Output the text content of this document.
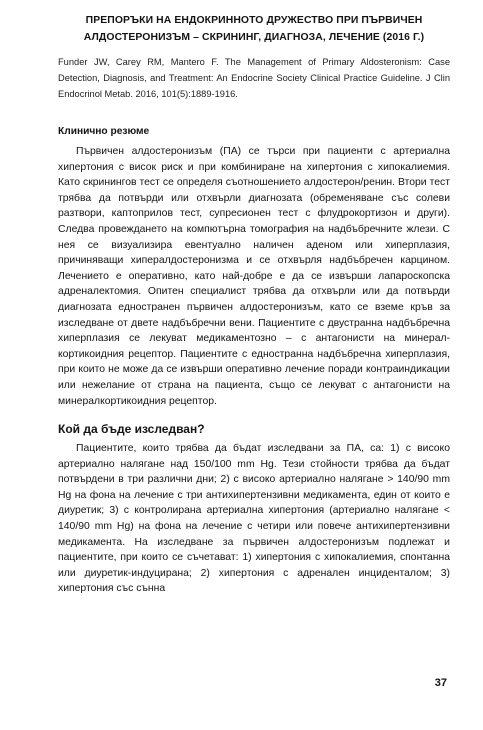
ПРЕПОРЪКИ НА ЕНДОКРИННОТО ДРУЖЕСТВО ПРИ ПЪРВИЧЕН АЛДОСТЕРОНИЗЪМ – СКРИНИНГ, ДИАГНОЗА, ЛЕЧЕНИЕ (2016 Г.)

Funder JW, Carey RM, Mantero F. The Management of Primary Aldosteronism: Case Detection, Diagnosis, and Treatment: An Endocrine Society Clinical Practice Guideline. J Clin Endocrinol Metab. 2016, 101(5):1889-1916.

Клинично резюме

Първичен алдостеронизъм (ПА) се търси при пациенти с артериална хипертония с висок риск и при комбиниране на хипертония с хипокалиемия. Като скринингов тест се определя съотношението алдостерон/ренин. Втори тест трябва да потвърди или отхвърли диагнозата (обременяване със солеви разтвори, каптоприлов тест, супресионен тест с флудрокортизон и други). Следва провеждането на компютърна томография на надбъбречните жлези. С нея се визуализира евентуално наличен аденом или хиперплазия, причиняващи хипералдостеронизма и се отхвърля надбъбречен карцином. Лечението е оперативно, като най-добре е да се извърши лапароскопска адреналектомия. Опитен специалист трябва да отхвърли или да потвърди диагнозата едностранен първичен алдостеронизъм, като се вземе кръв за изследване от двете надбъбречни вени. Пациентите с двустранна надбъбречна хиперплазия се лекуват медикаментозно – с антагонисти на минерал-кортикоидния рецептор. Пациентите с едностранна надбъбречна хиперплазия, при които не може да се извърши оперативно лечение поради контраиндикации или нежелание от страна на пациента, също се лекуват с антагонисти на минералкортикоидния рецептор.

Кой да бъде изследван?

Пациентите, които трябва да бъдат изследвани за ПА, са: 1) с високо артериално налягане над 150/100 mm Hg. Тези стойности трябва да бъдат потвърдени в три различни дни; 2) с високо артериално налягане > 140/90 mm Hg на фона на лечение с три антихипертензивни медикамента, един от които е диуретик; 3) с контролирана артериална хипертония (артериално налягане < 140/90 mm Hg) на фона на лечение с четири или повече антихипертензивни медикамента. На изследване за първичен алдостеронизъм подлежат и пациентите, при които се съчетават: 1) хипертония с хипокалиемия, спонтанна или диуретик-индуцирана; 2) хипертония с адренален инциденталом; 3) хипертония със сънна

37
